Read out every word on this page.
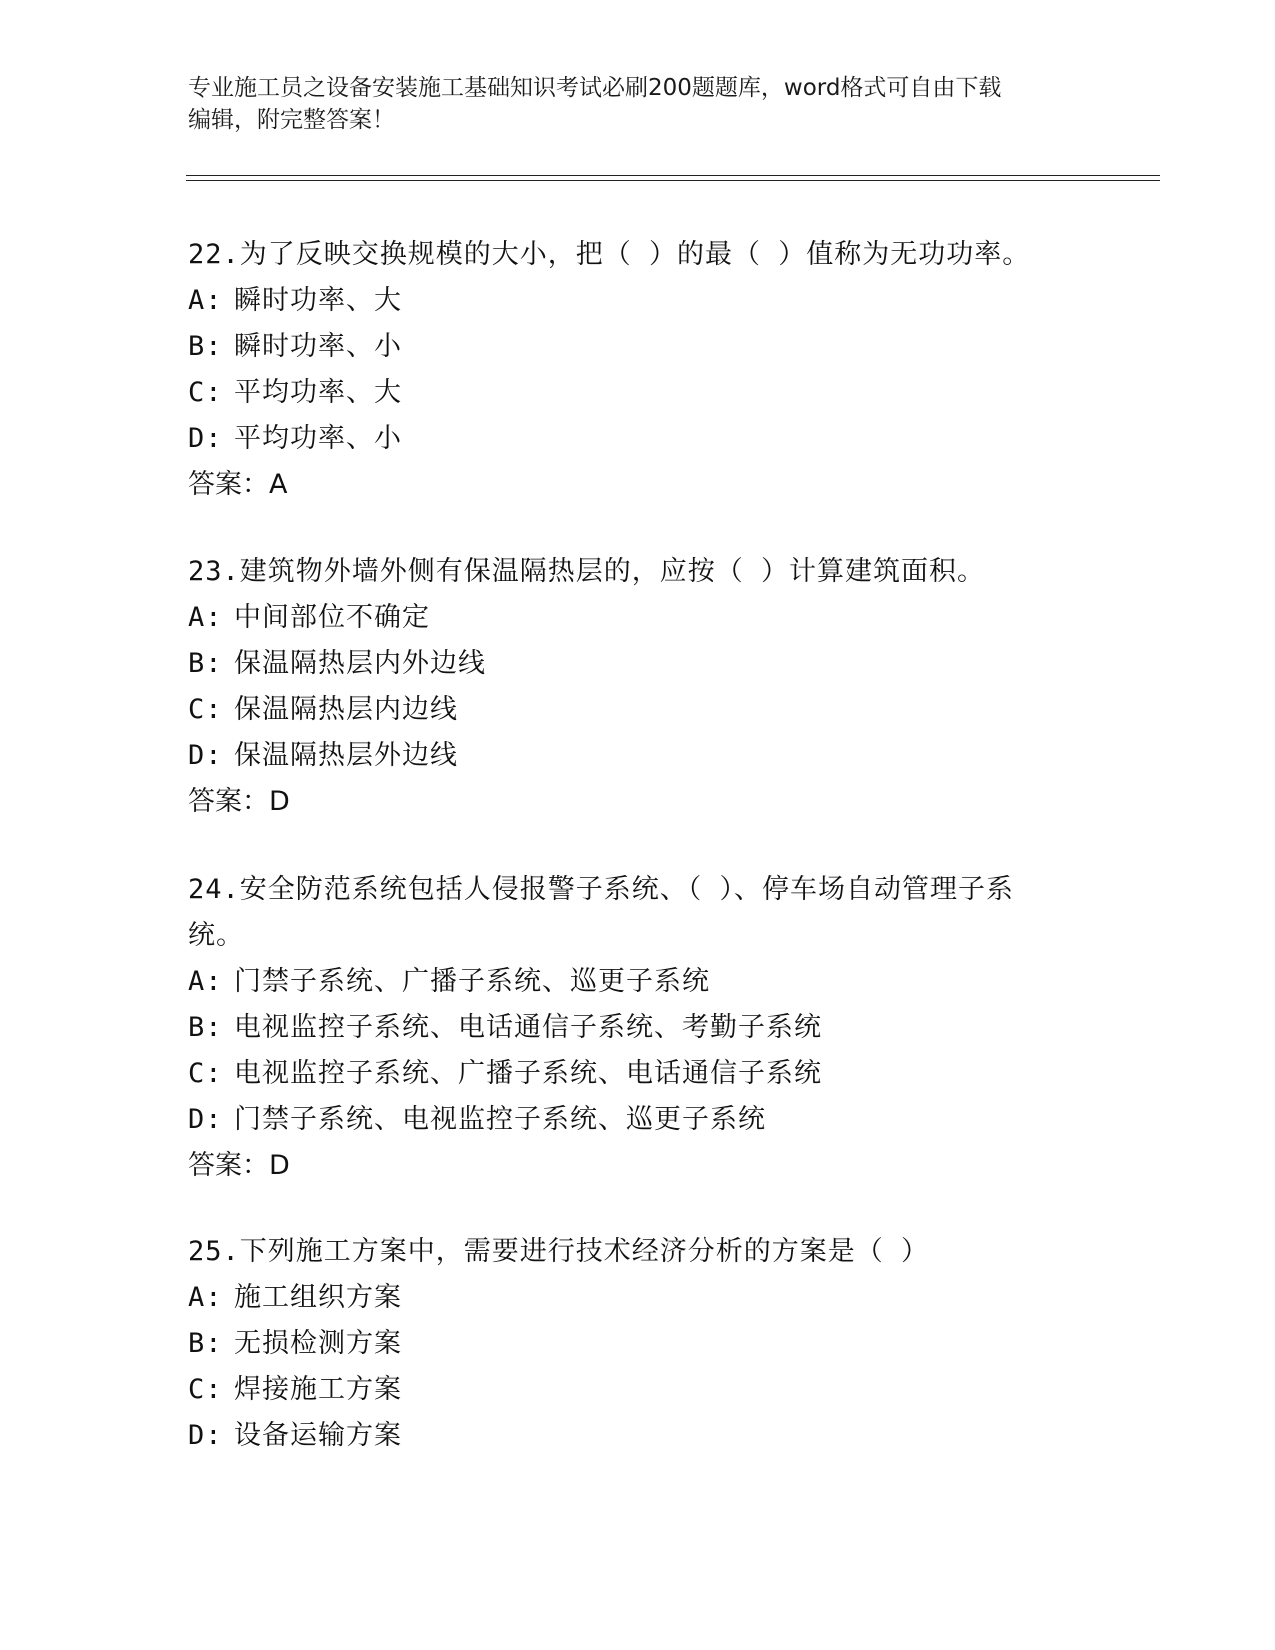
专业施工员之设备安装施工基础知识考试必刷200题题库，word格式可自由下载
编辑，附完整答案！

22.为了反映交换规模的大小，把（ ）的最（ ）值称为无功功率。

A: 瞬时功率、大

B: 瞬时功率、小

C: 平均功率、大

D: 平均功率、小

答案：A

23.建筑物外墙外侧有保温隔热层的，应按（ ）计算建筑面积。

A: 中间部位不确定

B: 保温隔热层内外边线

C: 保温隔热层内边线

D: 保温隔热层外边线

答案：D

24.安全防范系统包括人侵报警子系统、（ ）、停车场自动管理子系

统。

A: 门禁子系统、广播子系统、巡更子系统

B: 电视监控子系统、电话通信子系统、考勤子系统

C: 电视监控子系统、广播子系统、电话通信子系统

D: 门禁子系统、电视监控子系统、巡更子系统

答案：D

25.下列施工方案中，需要进行技术经济分析的方案是（ ）

A: 施工组织方案

B: 无损检测方案

C: 焊接施工方案

D: 设备运输方案
